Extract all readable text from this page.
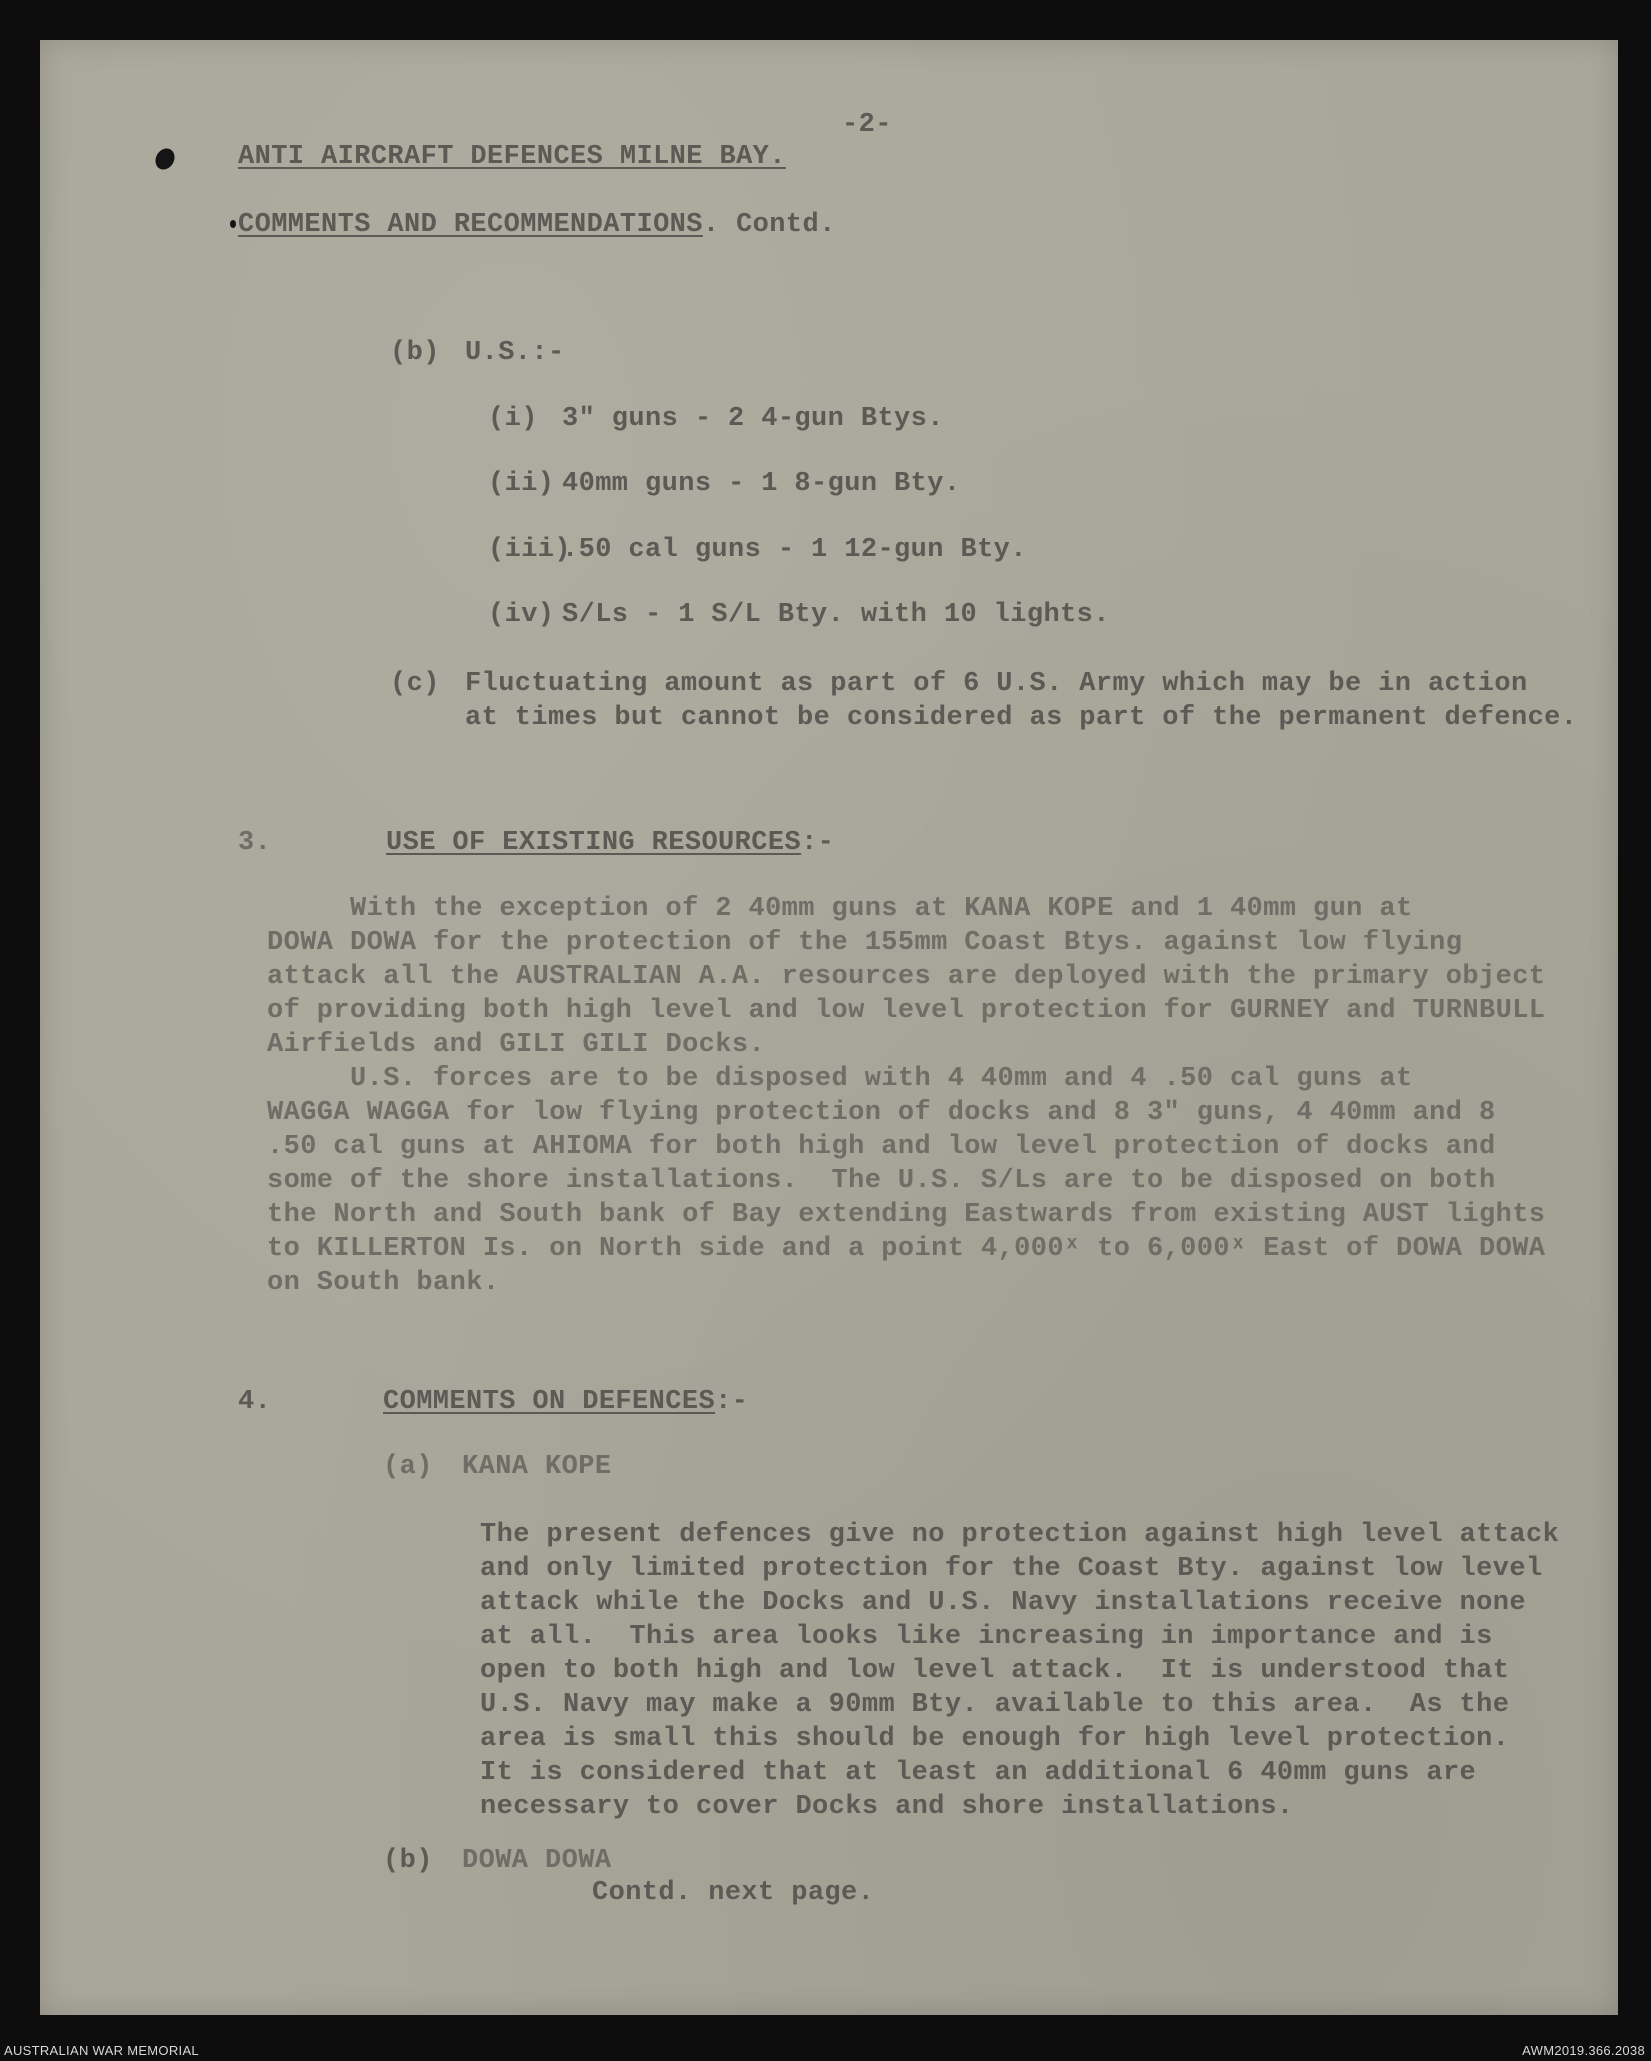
-2-

ANTI AIRCRAFT DEFENCES MILNE BAY.

COMMENTS AND RECOMMENDATIONS. Contd.

(b) U.S.:-

(i) 3" guns - 2 4-gun Btys.

(ii) 40mm guns - 1 8-gun Bty.

(iii)

.50 cal guns - 1 12-gun Bty.

(iv) S/Ls - 1 S/L Bty. with 10 lights.

(c) Fluctuating amount as part of 6 U.S. Army which may be in action
at times but cannot be considered as part of the permanent defence.

3.	USE OF EXISTING RESOURCES:-

With the exception of 2 40mm guns at KANA KOPE and 1 40mm gun at
DOWA DOWA for the protection of the 155mm Coast Btys. against low flying
attack all the AUSTRALIAN A.A. resources are deployed with the primary object
of providing both high level and low level protection for GURNEY and TURNBULL
Airfields and GILI GILI Docks.
U.S. forces are to be disposed with 4 40mm and 4 .50 cal guns at
WAGGA WAGGA for low flying protection of docks and 8 3" guns, 4 40mm and 8
.50 cal guns at AHIOMA for both high and low level protection of docks and
some of the shore installations.  The U.S. S/Ls are to be disposed on both
the North and South bank of Bay extending Eastwards from existing AUST lights
to KILLERTON Is. on North side and a point 4,000ˣ to 6,000ˣ East of DOWA DOWA
on South bank.

4.	COMMENTS ON DEFENCES:-

(a) KANA KOPE

The present defences give no protection against high level attack
and only limited protection for the Coast Bty. against low level
attack while the Docks and U.S. Navy installations receive none
at all.  This area looks like increasing in importance and is
open to both high and low level attack.  It is understood that
U.S. Navy may make a 90mm Bty. available to this area.  As the
area is small this should be enough for high level protection.
It is considered that at least an additional 6 40mm guns are
necessary to cover Docks and shore installations.

(b) DOWA DOWA

Contd. next page.

AUSTRALIAN WAR MEMORIAL	AWM2019.366.2038
